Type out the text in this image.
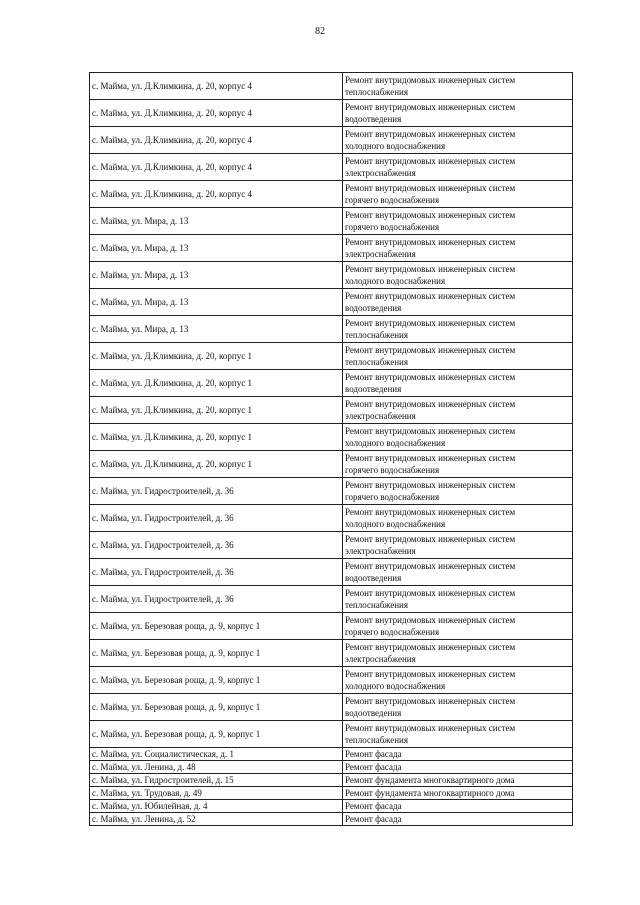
82
с. Майма, ул. Д.Климкина, д. 20, корпус 4	Ремонт внутридомовых инженерных систем
теплоснабжения

с. Майма, ул. Д.Климкина, д. 20, корпус 4	Ремонт внутридомовых инженерных систем
водоотведения

с. Майма, ул. Д.Климкина, д. 20, корпус 4	Ремонт внутридомовых инженерных систем
холодного водоснабжения

с. Майма, ул. Д.Климкина, д. 20, корпус 4	Ремонт внутридомовых инженерных систем
электроснабжения

с. Майма, ул. Д.Климкина, д. 20, корпус 4	Ремонт внутридомовых инженерных систем
горячего водоснабжения

с. Майма, ул. Мира, д. 13	Ремонт внутридомовых инженерных систем
горячего водоснабжения

с. Майма, ул. Мира, д. 13	Ремонт внутридомовых инженерных систем
электроснабжения

с. Майма, ул. Мира, д. 13	Ремонт внутридомовых инженерных систем
холодного водоснабжения

с. Майма, ул. Мира, д. 13	Ремонт внутридомовых инженерных систем
водоотведения

с. Майма, ул. Мира, д. 13	Ремонт внутридомовых инженерных систем
теплоснабжения

с. Майма, ул. Д.Климкина, д. 20, корпус 1	Ремонт внутридомовых инженерных систем
теплоснабжения

с. Майма, ул. Д.Климкина, д. 20, корпус 1	Ремонт внутридомовых инженерных систем
водоотведения

с. Майма, ул. Д.Климкина, д. 20, корпус 1	Ремонт внутридомовых инженерных систем
электроснабжения

с. Майма, ул. Д.Климкина, д. 20, корпус 1	Ремонт внутридомовых инженерных систем
холодного водоснабжения

с. Майма, ул. Д.Климкина, д. 20, корпус 1	Ремонт внутридомовых инженерных систем
горячего водоснабжения

с. Майма, ул. Гидростроителей, д. 36	Ремонт внутридомовых инженерных систем
горячего водоснабжения

с. Майма, ул. Гидростроителей, д. 36	Ремонт внутридомовых инженерных систем
холодного водоснабжения

с. Майма, ул. Гидростроителей, д. 36	Ремонт внутридомовых инженерных систем
электроснабжения

с. Майма, ул. Гидростроителей, д. 36	Ремонт внутридомовых инженерных систем
водоотведения

с. Майма, ул. Гидростроителей, д. 36	Ремонт внутридомовых инженерных систем
теплоснабжения

с. Майма, ул. Березовая роща, д. 9, корпус 1	Ремонт внутридомовых инженерных систем
горячего водоснабжения

с. Майма, ул. Березовая роща, д. 9, корпус 1	Ремонт внутридомовых инженерных систем
электроснабжения

с. Майма, ул. Березовая роща, д. 9, корпус 1	Ремонт внутридомовых инженерных систем
холодного водоснабжения

с. Майма, ул. Березовая роща, д. 9, корпус 1	Ремонт внутридомовых инженерных систем
водоотведения

с. Майма, ул. Березовая роща, д. 9, корпус 1	Ремонт внутридомовых инженерных систем
теплоснабжения

с. Майма, ул. Социалистическая, д. 1	Ремонт фасада

с. Майма, ул. Ленина, д. 48	Ремонт фасада

с. Майма, ул. Гидростроителей, д. 15	Ремонт фундамента многоквартирного дома

с. Майма, ул. Трудовая, д. 49	Ремонт фундамента многоквартирного дома

с. Майма, ул. Юбилейная, д. 4	Ремонт фасада

с. Майма, ул. Ленина, д. 52	Ремонт фасада
